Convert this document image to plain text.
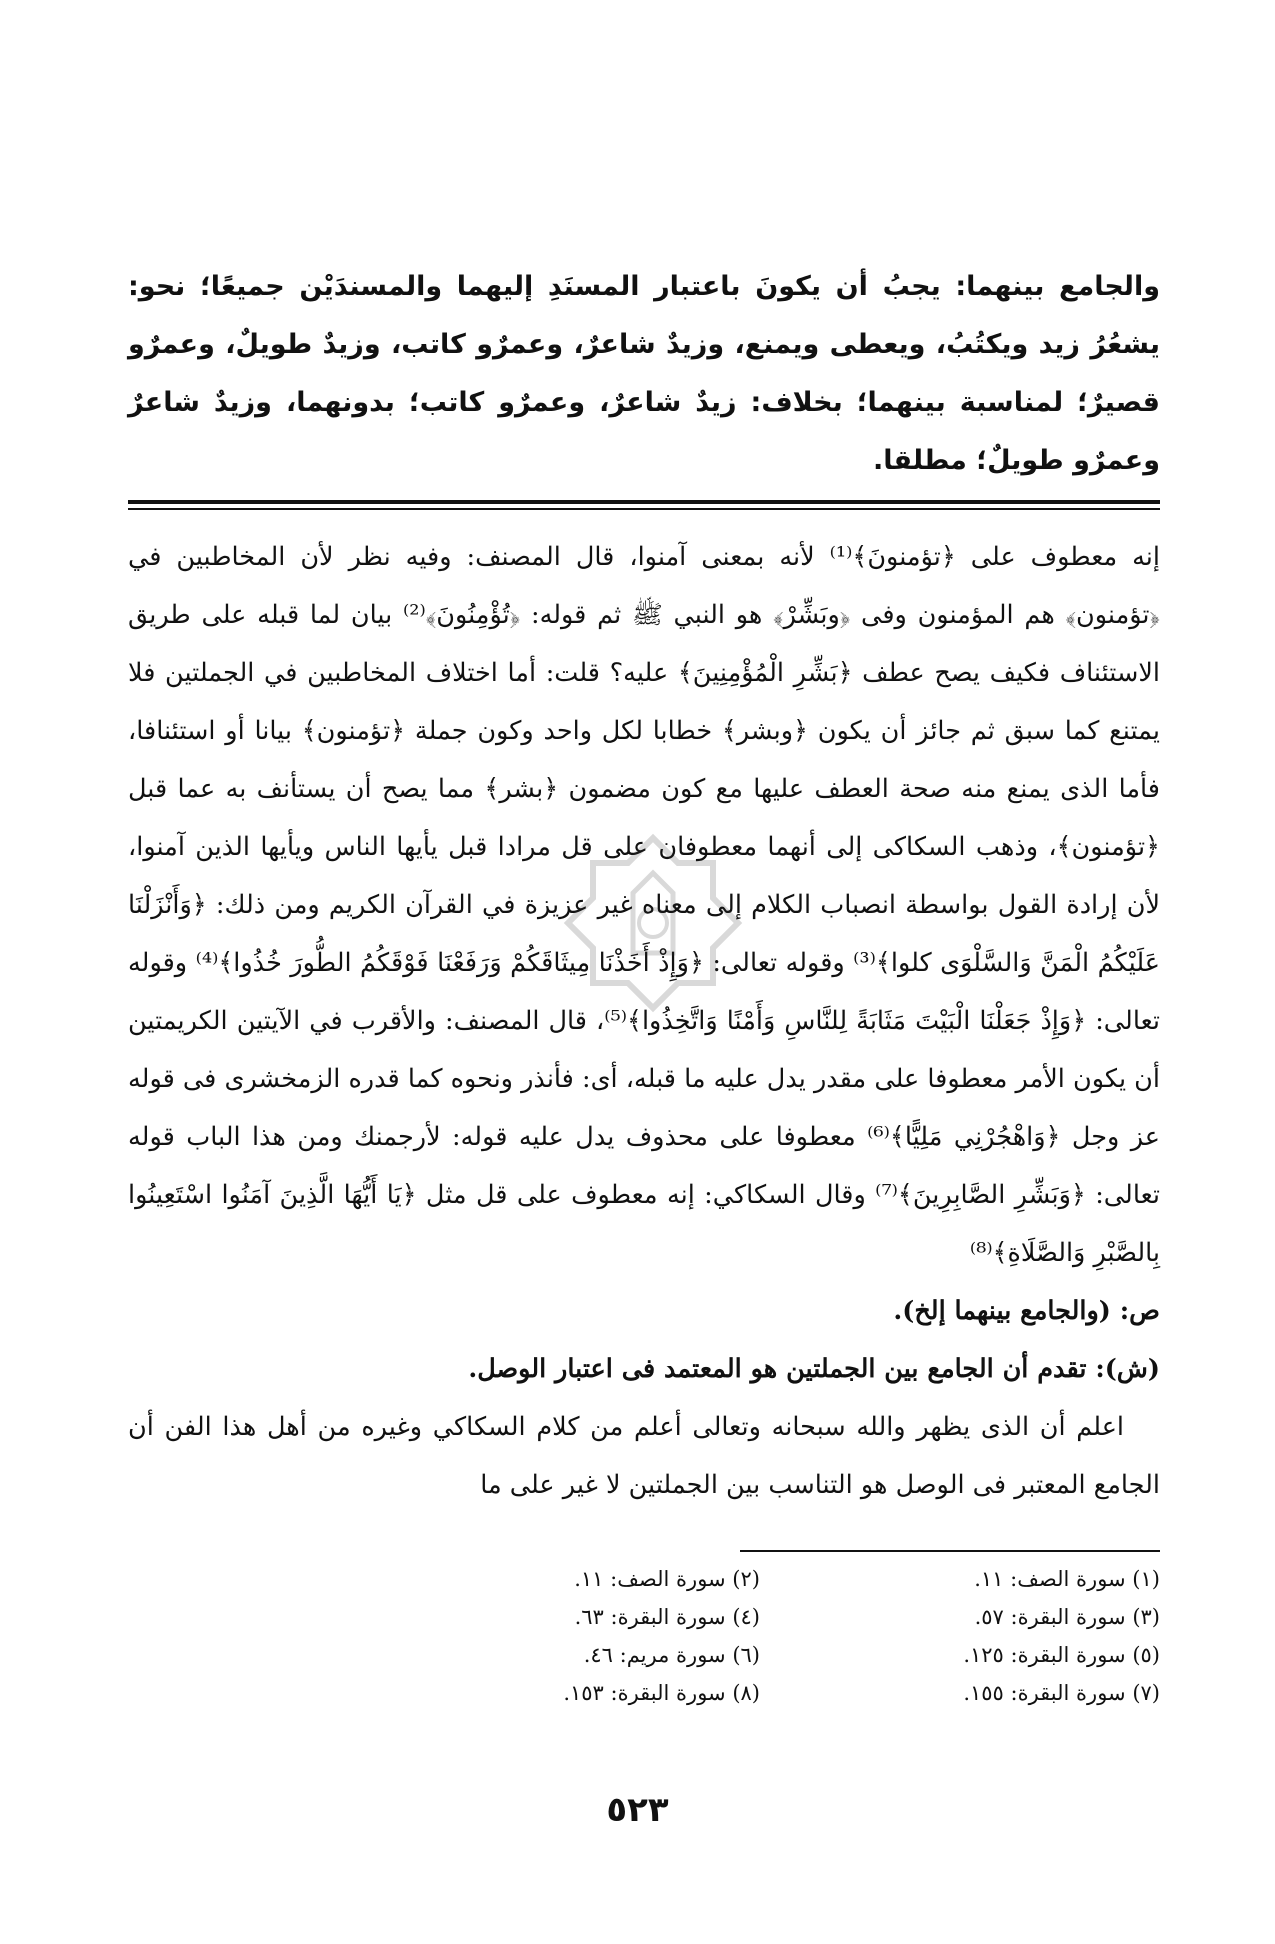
والجامع بينهما: يجبُ أن يكونَ باعتبار المسنَدِ إليهما والمسندَيْن جميعًا؛ نحو: يشعُرُ زيد ويكتُبُ، ويعطى ويمنع، وزيدٌ شاعرٌ، وعمرٌو كاتب، وزيدٌ طويلٌ، وعمرٌو قصيرٌ؛ لمناسبة بينهما؛ بخلاف: زيدٌ شاعرٌ، وعمرٌو كاتب؛ بدونهما، وزيدٌ شاعرٌ وعمرٌو طويلٌ؛ مطلقا.

إنه معطوف على ﴿تؤمنونَ﴾⁽¹⁾ لأنه بمعنى آمنوا، قال المصنف: وفيه نظر لأن المخاطبين في ﴿تؤمنون﴾ هم المؤمنون وفى ﴿وبَشِّرْ﴾ هو النبي ﷺ ثم قوله: ﴿تُؤْمِنُونَ﴾⁽²⁾ بيان لما قبله على طريق الاستئناف فكيف يصح عطف ﴿بَشِّرِ الْمُؤْمِنِينَ﴾ عليه؟ قلت: أما اختلاف المخاطبين في الجملتين فلا يمتنع كما سبق ثم جائز أن يكون ﴿وبشر﴾ خطابا لكل واحد وكون جملة ﴿تؤمنون﴾ بيانا أو استئنافا، فأما الذى يمنع منه صحة العطف عليها مع كون مضمون ﴿بشر﴾ مما يصح أن يستأنف به عما قبل ﴿تؤمنون﴾، وذهب السكاكى إلى أنهما معطوفان على قل مرادا قبل يأيها الناس ويأيها الذين آمنوا، لأن إرادة القول بواسطة انصباب الكلام إلى معناه غير عزيزة في القرآن الكريم ومن ذلك: ﴿وَأَنْزَلْنَا عَلَيْكُمُ الْمَنَّ وَالسَّلْوَى كلوا﴾⁽³⁾ وقوله تعالى: ﴿وَإِذْ أَخَذْنَا مِيثَاقَكُمْ وَرَفَعْنَا فَوْقَكُمُ الطُّورَ خُذُوا﴾⁽⁴⁾ وقوله تعالى: ﴿وَإِذْ جَعَلْنَا الْبَيْتَ مَثَابَةً لِلنَّاسِ وَأَمْنًا وَاتَّخِذُوا﴾⁽⁵⁾، قال المصنف: والأقرب في الآيتين الكريمتين أن يكون الأمر معطوفا على مقدر يدل عليه ما قبله، أى: فأنذر ونحوه كما قدره الزمخشرى فى قوله عز وجل ﴿وَاهْجُرْنِي مَلِيًّا﴾⁽⁶⁾ معطوفا على محذوف يدل عليه قوله: لأرجمنك ومن هذا الباب قوله تعالى: ﴿وَبَشِّرِ الصَّابِرِينَ﴾⁽⁷⁾ وقال السكاكي: إنه معطوف على قل مثل ﴿يَا أَيُّهَا الَّذِينَ آمَنُوا اسْتَعِينُوا بِالصَّبْرِ وَالصَّلَاةِ﴾⁽⁸⁾

ص: (والجامع بينهما إلخ).

(ش): تقدم أن الجامع بين الجملتين هو المعتمد فى اعتبار الوصل.

اعلم أن الذى يظهر والله سبحانه وتعالى أعلم من كلام السكاكي وغيره من أهل هذا الفن أن الجامع المعتبر فى الوصل هو التناسب بين الجملتين لا غير على ما

(١) سورة الصف: ١١.
(٢) سورة الصف: ١١.
(٣) سورة البقرة: ٥٧.
(٤) سورة البقرة: ٦٣.
(٥) سورة البقرة: ١٢٥.
(٦) سورة مريم: ٤٦.
(٧) سورة البقرة: ١٥٥.
(٨) سورة البقرة: ١٥٣.
٥٢٣
